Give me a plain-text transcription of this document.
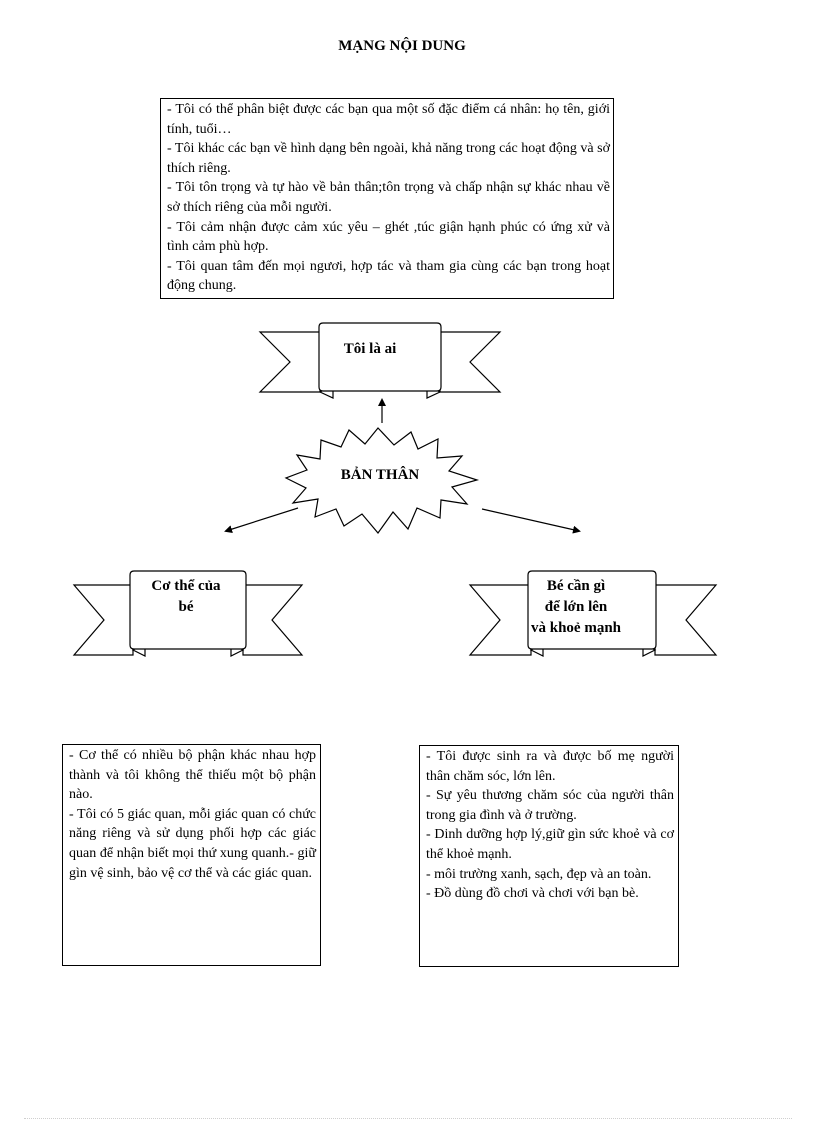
MẠNG NỘI DUNG

- Tôi có thể phân biệt được các bạn qua một số đặc điểm cá nhân: họ tên, giới tính, tuổi…

- Tôi khác các bạn về hình dạng bên ngoài, khả năng trong các hoạt động và sở thích riêng.

- Tôi tôn trọng và tự hào về bản thân;tôn trọng và chấp nhận sự khác nhau về sở thích riêng của mỗi người.

- Tôi cảm nhận được cảm xúc yêu – ghét ,túc giận hạnh phúc có ứng xử và tình cảm phù hợp.

- Tôi quan tâm đến mọi ngươi, hợp tác và tham gia cùng các bạn trong hoạt động chung.

Tôi là ai
BẢN THÂN
Cơ thể của
bé
Bé cần gì
để lớn lên
và khoẻ mạnh

- Cơ thể có nhiều bộ phận khác nhau hợp thành và tôi không thể thiếu một bộ phận nào.

- Tôi có 5 giác quan, mỗi giác quan có chức năng riêng và sử dụng phối hợp các giác quan để nhận biết mọi thứ xung quanh.- giữ gìn vệ sinh, bảo vệ cơ thể và các giác quan.

- Tôi được sinh ra và được bố mẹ người thân chăm sóc, lớn lên.

- Sự yêu thương chăm sóc của người thân trong gia đình và ở trường.

- Dinh dưỡng hợp lý,giữ gìn sức khoẻ và cơ thể khoẻ mạnh.

- môi trường xanh, sạch, đẹp và an toàn.

- Đồ dùng đồ chơi và chơi với bạn bè.
